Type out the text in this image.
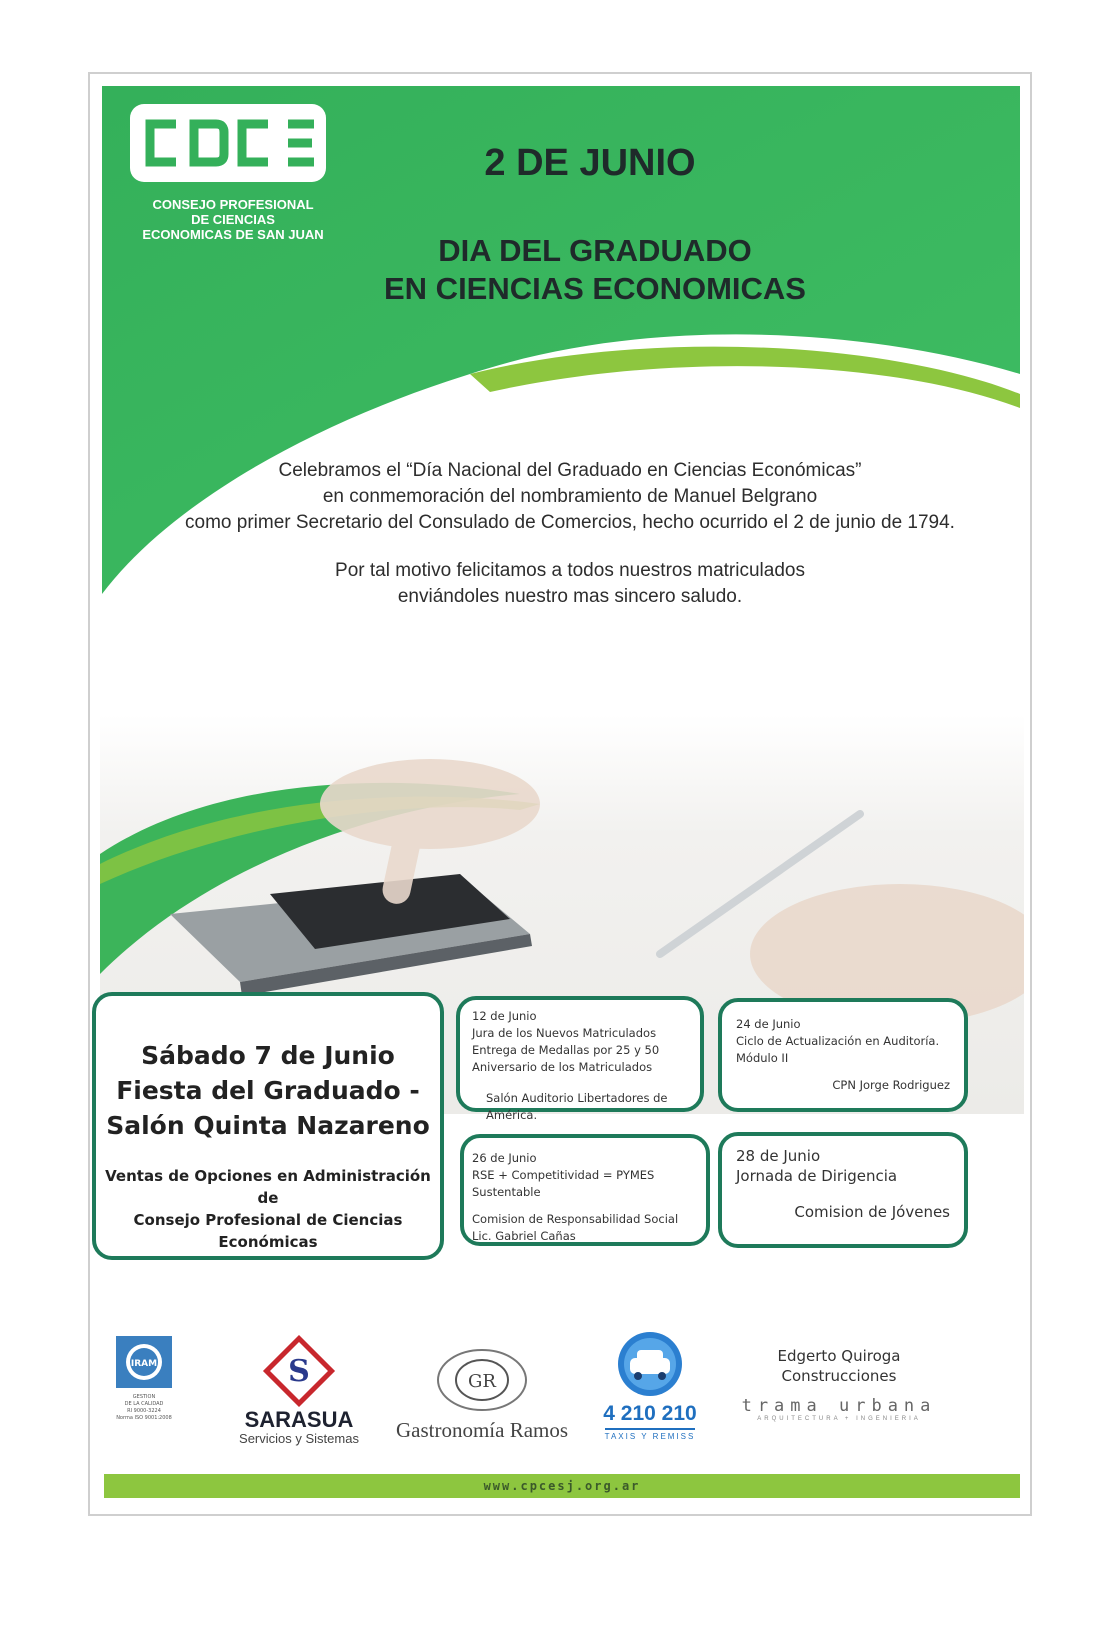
CONSEJO PROFESIONAL
DE CIENCIAS
ECONOMICAS DE SAN JUAN
2 DE JUNIO
DIA DEL GRADUADO
EN CIENCIAS ECONOMICAS
Celebramos el “Día Nacional del Graduado en Ciencias Económicas”
en conmemoración del nombramiento de Manuel Belgrano
como primer Secretario del Consulado de Comercios, hecho ocurrido el 2 de junio de 1794.
Por tal motivo felicitamos a todos nuestros matriculados
enviándoles nuestro mas sincero saludo.
Sábado 7 de Junio
Fiesta del Graduado -
Salón Quinta Nazareno
Ventas de Opciones en Administración de
Consejo Profesional de Ciencias Económicas
12 de Junio
Jura de los Nuevos Matriculados
Entrega de Medallas por 25 y 50
Aniversario de los Matriculados
Salón Auditorio Libertadores de América.
24 de Junio
Ciclo de Actualización en Auditoría.
Módulo II
CPN Jorge Rodriguez
26 de Junio
RSE + Competitividad = PYMES Sustentable
Comision de Responsabilidad Social
Lic. Gabriel Cañas
28 de Junio
Jornada de Dirigencia
Comision de Jóvenes
IRAM
GESTION
DE LA CALIDAD
RI 9000-3224
Norma ISO 9001:2008
S
SARASUA
Servicios y Sistemas
GR
Gastronomía Ramos
4 210 210
TAXIS Y REMISS
Edgerto Quiroga
Construcciones
trama urbana
ARQUITECTURA + INGENIERIA
www.cpcesj.org.ar
